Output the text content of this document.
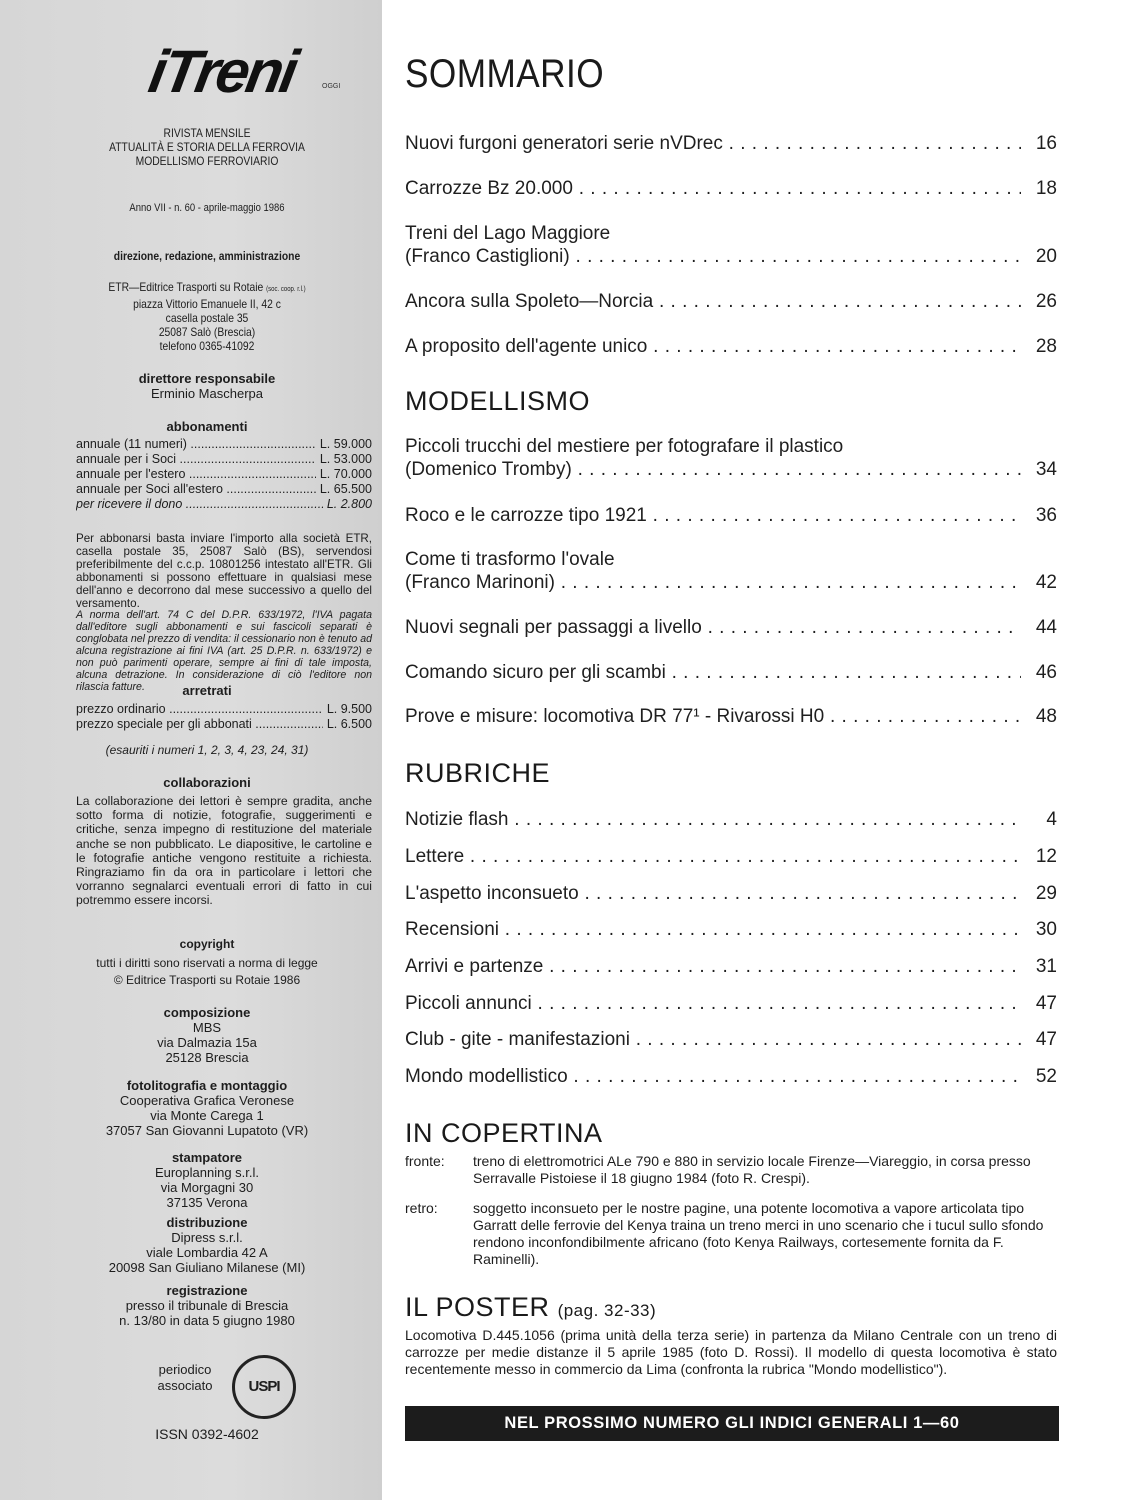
iTreni	OGGI
RIVISTA MENSILE
ATTUALITÀ E STORIA DELLA FERROVIA
MODELLISMO FERROVIARIO
Anno VII - n. 60 - aprile-maggio 1986
direzione, redazione, amministrazione
ETR—Editrice Trasporti su Rotaie (soc. coop. r.l.)
piazza Vittorio Emanuele II, 42 c
casella postale 35
25087 Salò (Brescia)
telefono 0365-41092
direttore responsabile
Erminio Mascherpa
abbonamenti
annuale (11 numeri) .....	L. 59.000
annuale per i Soci .....	L. 53.000
annuale per l'estero .....	L. 70.000
annuale per Soci all'estero .....	L. 65.500
per ricevere il dono .....	L. 2.800
Per abbonarsi basta inviare l'importo alla società ETR, casella postale 35, 25087 Salò (BS), servendosi preferibilmente del c.c.p. 10801256 intestato all'ETR. Gli abbonamenti si possono effettuare in qualsiasi mese dell'anno e decorrono dal mese successivo a quello del versamento.
A norma dell'art. 74 C del D.P.R. 633/1972, l'IVA pagata dall'editore sugli abbonamenti e sui fascicoli separati è conglobata nel prezzo di vendita: il cessionario non è tenuto ad alcuna registrazione ai fini IVA (art. 25 D.P.R. n. 633/1972) e non può parimenti operare, sempre ai fini di tale imposta, alcuna detrazione. In considerazione di ciò l'editore non rilascia fatture.	arretrati
prezzo ordinario .....	L. 9.500
prezzo speciale per gli abbonati .....	L. 6.500
(esauriti i numeri 1, 2, 3, 4, 23, 24, 31)
collaborazioni
La collaborazione dei lettori è sempre gradita, anche sotto forma di notizie, fotografie, suggerimenti e critiche, senza impegno di restituzione del materiale anche se non pubblicato. Le diapositive, le cartoline e le fotografie antiche vengono restituite a richiesta. Ringraziamo fin da ora in particolare i lettori che vorranno segnalarci eventuali errori di fatto in cui potremmo essere incorsi.
copyright
tutti i diritti sono riservati a norma di legge
© Editrice Trasporti su Rotaie 1986
composizione
MBS
via Dalmazia 15a
25128 Brescia
fotolitografia e montaggio
Cooperativa Grafica Veronese
via Monte Carega 1
37057 San Giovanni Lupatoto (VR)
stampatore
Europlanning s.r.l.
via Morgagni 30
37135 Verona
distribuzione
Dipress s.r.l.
viale Lombardia 42 A
20098 San Giuliano Milanese (MI)
registrazione
presso il tribunale di Brescia
n. 13/80 in data 5 giugno 1980
periodico
associato	USPI
ISSN 0392-4602
SOMMARIO
Nuovi furgoni generatori serie nVDrec . . .	16
Carrozze Bz 20.000 . . .	18
Treni del Lago Maggiore
(Franco Castiglioni) . . .	20
Ancora sulla Spoleto—Norcia . . .	26
A proposito dell'agente unico . . .	28
MODELLISMO
Piccoli trucchi del mestiere per fotografare il plastico
(Domenico Tromby) . . .	34
Roco e le carrozze tipo 1921 . . .	36
Come ti trasformo l'ovale
(Franco Marinoni) . . .	42
Nuovi segnali per passaggi a livello . . .	44
Comando sicuro per gli scambi . . .	46
Prove e misure: locomotiva DR 77¹ - Rivarossi H0 . . .	48
RUBRICHE
Notizie flash . . .	4
Lettere . . .	12
L'aspetto inconsueto . . .	29
Recensioni . . .	30
Arrivi e partenze . . .	31
Piccoli annunci . . .	47
Club - gite - manifestazioni . . .	47
Mondo modellistico . . .	52
IN COPERTINA
fronte:	treno di elettromotrici ALe 790 e 880 in servizio locale Firenze—Viareggio, in corsa presso Serravalle Pistoiese il 18 giugno 1984 (foto R. Crespi).
retro:	soggetto inconsueto per le nostre pagine, una potente locomotiva a vapore articolata tipo Garratt delle ferrovie del Kenya traina un treno merci in uno scenario che i tucul sullo sfondo rendono inconfondibilmente africano (foto Kenya Railways, cortesemente fornita da F. Raminelli).
IL POSTER (pag. 32-33)
Locomotiva D.445.1056 (prima unità della terza serie) in partenza da Milano Centrale con un treno di carrozze per medie distanze il 5 aprile 1985 (foto D. Rossi). Il modello di questa locomotiva è stato recentemente messo in commercio da Lima (confronta la rubrica "Mondo modellistico").
NEL PROSSIMO NUMERO GLI INDICI GENERALI 1—60
